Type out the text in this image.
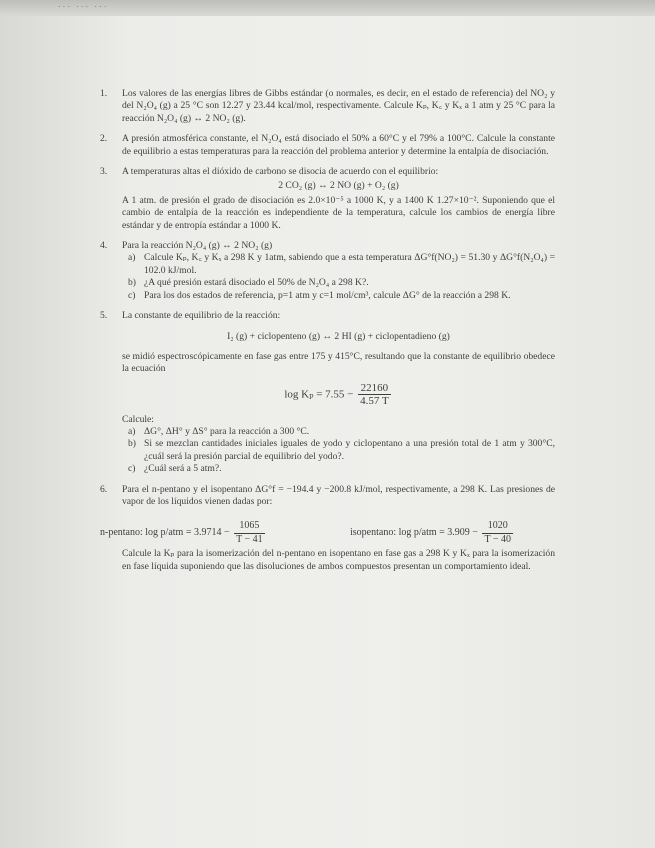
··· ··· ···
1. Los valores de las energías libres de Gibbs estándar (o normales, es decir, en el estado de referencia) del NO₂ y del N₂O₄ (g) a 25 °C son 12.27 y 23.44 kcal/mol, respectivamente. Calcule Kₚ, K꜀ y Kₓ a 1 atm y 25 °C para la reacción N₂O₄ (g) ↔ 2 NO₂ (g).
2. A presión atmosférica constante, el N₂O₄ está disociado el 50% a 60°C y el 79% a 100°C. Calcule la constante de equilibrio a estas temperaturas para la reacción del problema anterior y determine la entalpía de disociación.
3. A temperaturas altas el dióxido de carbono se disocia de acuerdo con el equilibrio:
2 CO₂ (g) ↔ 2 NO (g) + O₂ (g)
A 1 atm. de presión el grado de disociación es 2.0×10⁻⁵ a 1000 K, y a 1400 K 1.27×10⁻². Suponiendo que el cambio de entalpía de la reacción es independiente de la temperatura, calcule los cambios de energía libre estándar y de entropía estándar a 1000 K.
4. Para la reacción N₂O₄ (g) ↔ 2 NO₂ (g)
a) Calcule Kₚ, K꜀ y Kₓ a 298 K y 1atm, sabiendo que a esta temperatura ΔG°f(NO₂) = 51.30 y ΔG°f(N₂O₄) = 102.0 kJ/mol.
b) ¿A qué presión estará disociado el 50% de N₂O₄ a 298 K?.
c) Para los dos estados de referencia, p=1 atm y c=1 mol/cm³, calcule ΔG° de la reacción a 298 K.
5. La constante de equilibrio de la reacción:
I₂ (g) + ciclopenteno (g) ↔ 2 HI (g) + ciclopentadieno (g)
se midió espectroscópicamente en fase gas entre 175 y 415°C, resultando que la constante de equilibrio obedece la ecuación
$\log K_p = 7.55 - \frac{22160}{4.57 T}$
Calcule:
a) ΔG°, ΔH° y ΔS° para la reacción a 300 °C.
b) Si se mezclan cantidades iniciales iguales de yodo y ciclopentano a una presión total de 1 atm y 300°C, ¿cuál será la presión parcial de equilibrio del yodo?.
c) ¿Cuál será a 5 atm?.
6. Para el n-pentano y el isopentano ΔG°f = −194.4 y −200.8 kJ/mol, respectivamente, a 298 K. Las presiones de vapor de los líquidos vienen dadas por:
n-pentano: $\log p/atm = 3.9714 - \frac{1065}{T - 41}$	isopentano: $\log p/atm = 3.909 - \frac{1020}{T - 40}$
Calcule la Kₚ para la isomerización del n-pentano en isopentano en fase gas a 298 K y Kₓ para la isomerización en fase líquida suponiendo que las disoluciones de ambos compuestos presentan un comportamiento ideal.
